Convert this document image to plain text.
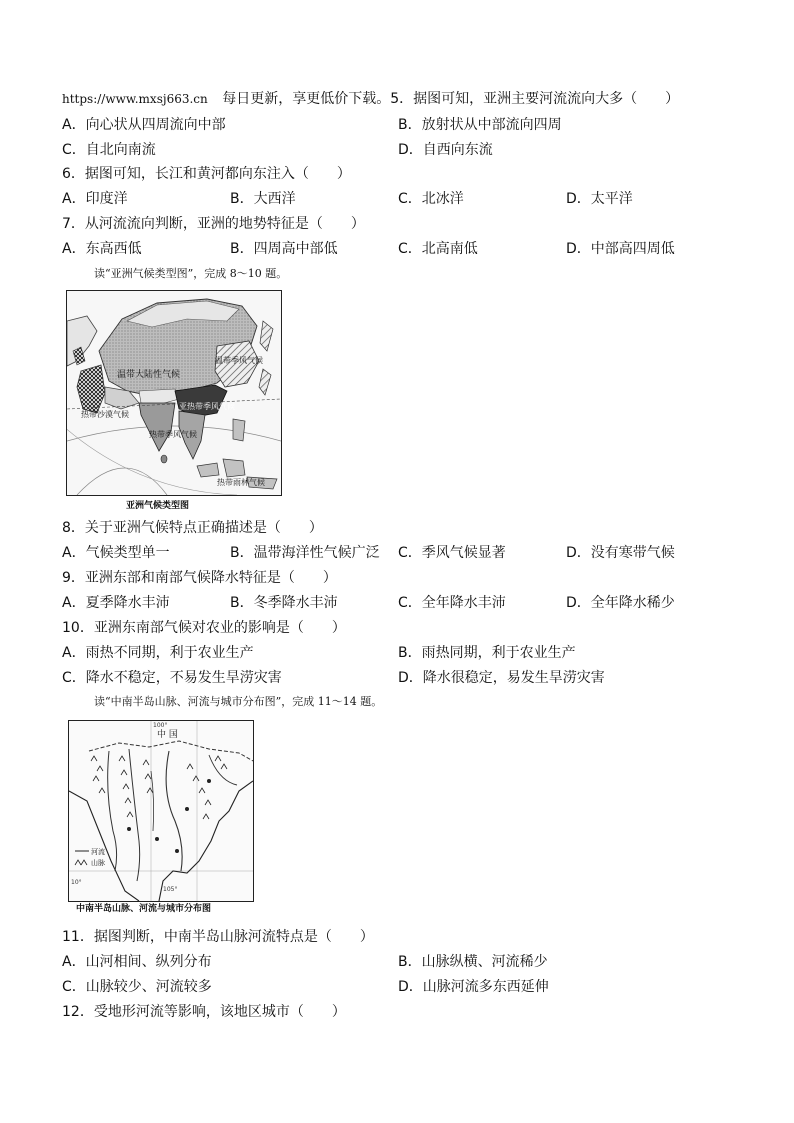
https://www.mxsj663.cn 每日更新，享更低价下载。5．据图可知，亚洲主要河流流向大多（　　）
A．向心状从四周流向中部	B．放射状从中部流向四周
C．自北向南流	D．自西向东流
6．据图可知，长江和黄河都向东注入（　　）
A．印度洋	B．大西洋	C．北冰洋	D．太平洋
7．从河流流向判断，亚洲的地势特征是（　　）
A．东高西低	B．四周高中部低	C．北高南低	D．中部高四周低
读“亚洲气候类型图”，完成 8～10 题。
温带大陆性气候
温带季风气候
亚热带季风气候
热带季风气候
热带沙漠气候
热带雨林气候
亚洲气候类型图
8．关于亚洲气候特点正确描述是（　　）
A．气候类型单一	B．温带海洋性气候广泛 C．季风气候显著	D．没有寒带气候
9．亚洲东部和南部气候降水特征是（　　）
A．夏季降水丰沛	B．冬季降水丰沛	C．全年降水丰沛	D．全年降水稀少
10．亚洲东南部气候对农业的影响是（　　）
A．雨热不同期，利于农业生产	B．雨热同期，利于农业生产
C．降水不稳定，不易发生旱涝灾害	D．降水很稳定，易发生旱涝灾害
读“中南半岛山脉、河流与城市分布图”，完成 11～14 题。
中 国
100°
105°
10°
河流
山脉
中南半岛山脉、河流与城市分布图
11．据图判断，中南半岛山脉河流特点是（　　）
A．山河相间、纵列分布	B．山脉纵横、河流稀少
C．山脉较少、河流较多	D．山脉河流多东西延伸
12．受地形河流等影响，该地区城市（　　）
